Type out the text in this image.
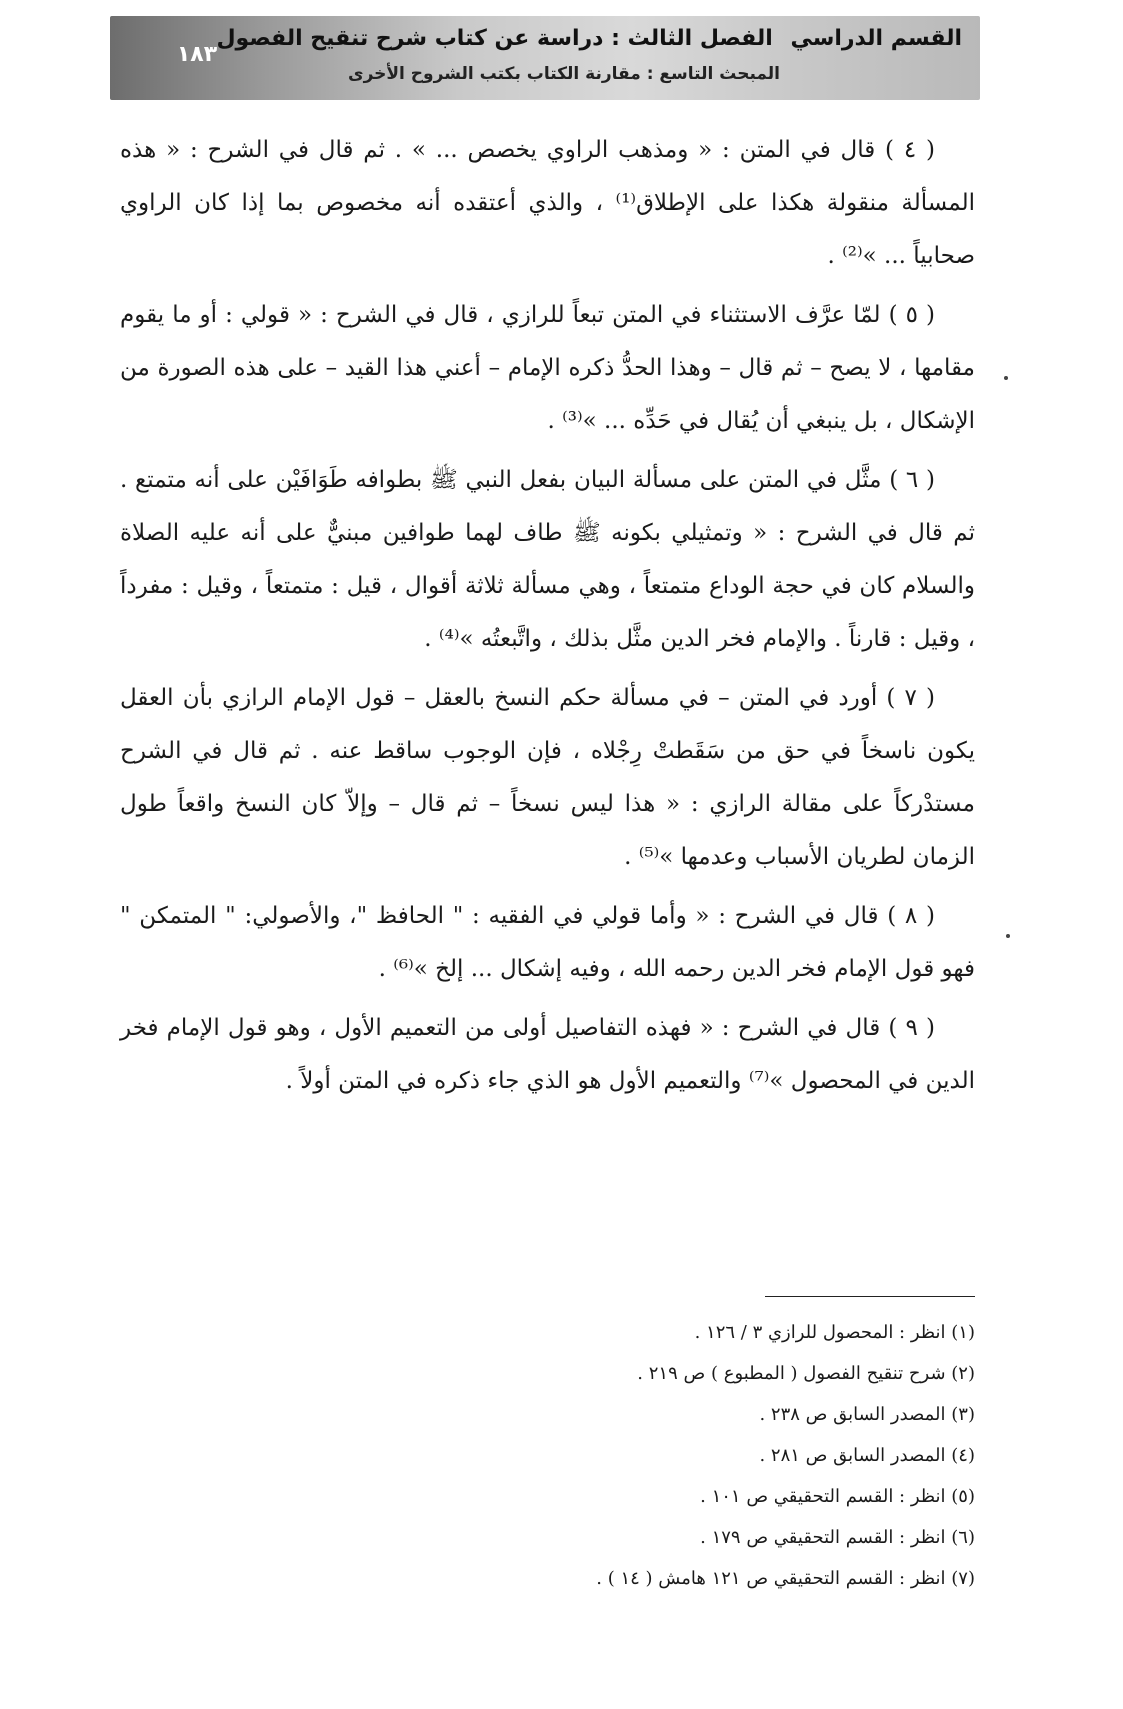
١٨٣
القسم الدراسي الفصل الثالث : دراسة عن كتاب شرح تنقيح الفصول
المبحث التاسع : مقارنة الكتاب بكتب الشروح الأخرى

( ٤ ) قال في المتن : « ومذهب الراوي يخصص ... » . ثم قال في الشرح : « هذه المسألة منقولة هكذا على الإطلاق⁽¹⁾ ، والذي أعتقده أنه مخصوص بما إذا كان الراوي صحابياً ... »⁽²⁾ .

( ٥ ) لمّا عرَّف الاستثناء في المتن تبعاً للرازي ، قال في الشرح : « قولي : أو ما يقوم مقامها ، لا يصح – ثم قال – وهذا الحدُّ ذكره الإمام – أعني هذا القيد – على هذه الصورة من الإشكال ، بل ينبغي أن يُقال في حَدِّه ... »⁽³⁾ .

( ٦ ) مثَّل في المتن على مسألة البيان بفعل النبي ﷺ بطوافه طَوَافَيْن على أنه متمتع . ثم قال في الشرح : « وتمثيلي بكونه ﷺ طاف لهما طوافين مبنيٌّ على أنه عليه الصلاة والسلام كان في حجة الوداع متمتعاً ، وهي مسألة ثلاثة أقوال ، قيل : متمتعاً ، وقيل : مفرداً ، وقيل : قارناً . والإمام فخر الدين مثَّل بذلك ، واتَّبعتُه »⁽⁴⁾ .

( ٧ ) أورد في المتن – في مسألة حكم النسخ بالعقل – قول الإمام الرازي بأن العقل يكون ناسخاً في حق من سَقَطتْ رِجْلاه ، فإن الوجوب ساقط عنه . ثم قال في الشرح مستدْركاً على مقالة الرازي : « هذا ليس نسخاً – ثم قال – وإلاّ كان النسخ واقعاً طول الزمان لطريان الأسباب وعدمها »⁽⁵⁾ .

( ٨ ) قال في الشرح : « وأما قولي في الفقيه : " الحافظ "، والأصولي: " المتمكن " فهو قول الإمام فخر الدين رحمه الله ، وفيه إشكال ... إلخ »⁽⁶⁾ .

( ٩ ) قال في الشرح : « فهذه التفاصيل أولى من التعميم الأول ، وهو قول الإمام فخر الدين في المحصول »⁽⁷⁾ والتعميم الأول هو الذي جاء ذكره في المتن أولاً .

(١) انظر : المحصول للرازي ٣ / ١٢٦ .
(٢) شرح تنقيح الفصول ( المطبوع ) ص ٢١٩ .
(٣) المصدر السابق ص ٢٣٨ .
(٤) المصدر السابق ص ٢٨١ .
(٥) انظر : القسم التحقيقي ص ١٠١ .
(٦) انظر : القسم التحقيقي ص ١٧٩ .
(٧) انظر : القسم التحقيقي ص ١٢١ هامش ( ١٤ ) .
